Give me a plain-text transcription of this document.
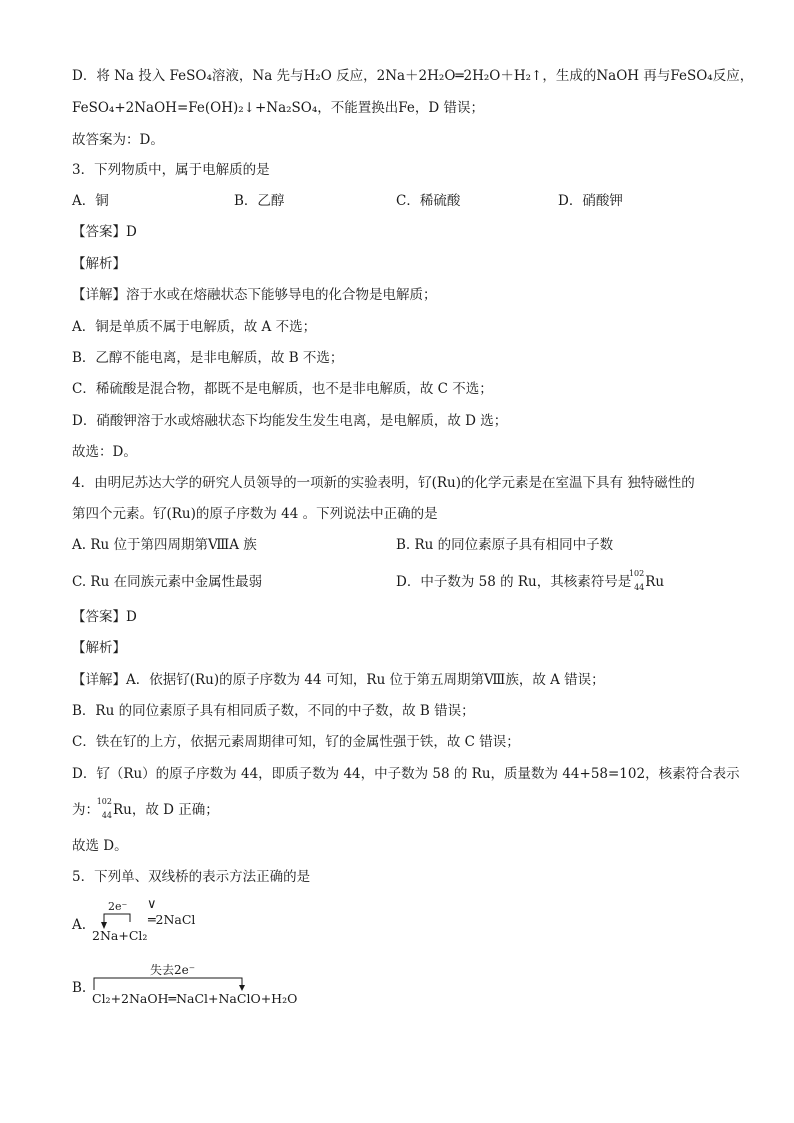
D．将 Na 投入 FeSO₄溶液，Na 先与H₂O 反应，2Na＋2H₂O═2H₂O＋H₂↑，生成的NaOH 再与FeSO₄反应，
FeSO₄+2NaOH=Fe(OH)₂↓+Na₂SO₄，不能置换出Fe，D 错误；
故答案为：D。
3．下列物质中，属于电解质的是
A．铜	B．乙醇	C．稀硫酸	D．硝酸钾
【答案】D
【解析】
【详解】溶于水或在熔融状态下能够导电的化合物是电解质；
A．铜是单质不属于电解质，故 A 不选；
B．乙醇不能电离，是非电解质，故 B 不选；
C．稀硫酸是混合物，都既不是电解质，也不是非电解质，故 C 不选；
D．硝酸钾溶于水或熔融状态下均能发生发生电离，是电解质，故 D 选；
故选：D。
4．由明尼苏达大学的研究人员领导的一项新的实验表明，钌(Ru)的化学元素是在室温下具有 独特磁性的
第四个元素。钌(Ru)的原子序数为 44 。下列说法中正确的是
A. Ru 位于第四周期第ⅧA 族	B. Ru 的同位素原子具有相同中子数
C. Ru 在同族元素中金属性最弱	D．中子数为 58 的 Ru，其核素符号是
102
44 Ru
【答案】D
【解析】
【详解】A．依据钌(Ru)的原子序数为 44 可知，Ru 位于第五周期第Ⅷ族，故 A 错误；
B．Ru 的同位素原子具有相同质子数，不同的中子数，故 B 错误；
C．铁在钌的上方，依据元素周期律可知，钌的金属性强于铁，故 C 错误；
D．钌（Ru）的原子序数为 44，即质子数为 44，中子数为 58 的 Ru，质量数为 44+58=102，核素符合表示
为：
102
44 Ru，故 D 正确；
故选 D。
5．下列单、双线桥的表示方法正确的是
A.
2e⁻ ∨
2Na+Cl₂
═2NaCl
B.
失去2e⁻
Cl₂+2NaOH═NaCl+NaClO+H₂O
